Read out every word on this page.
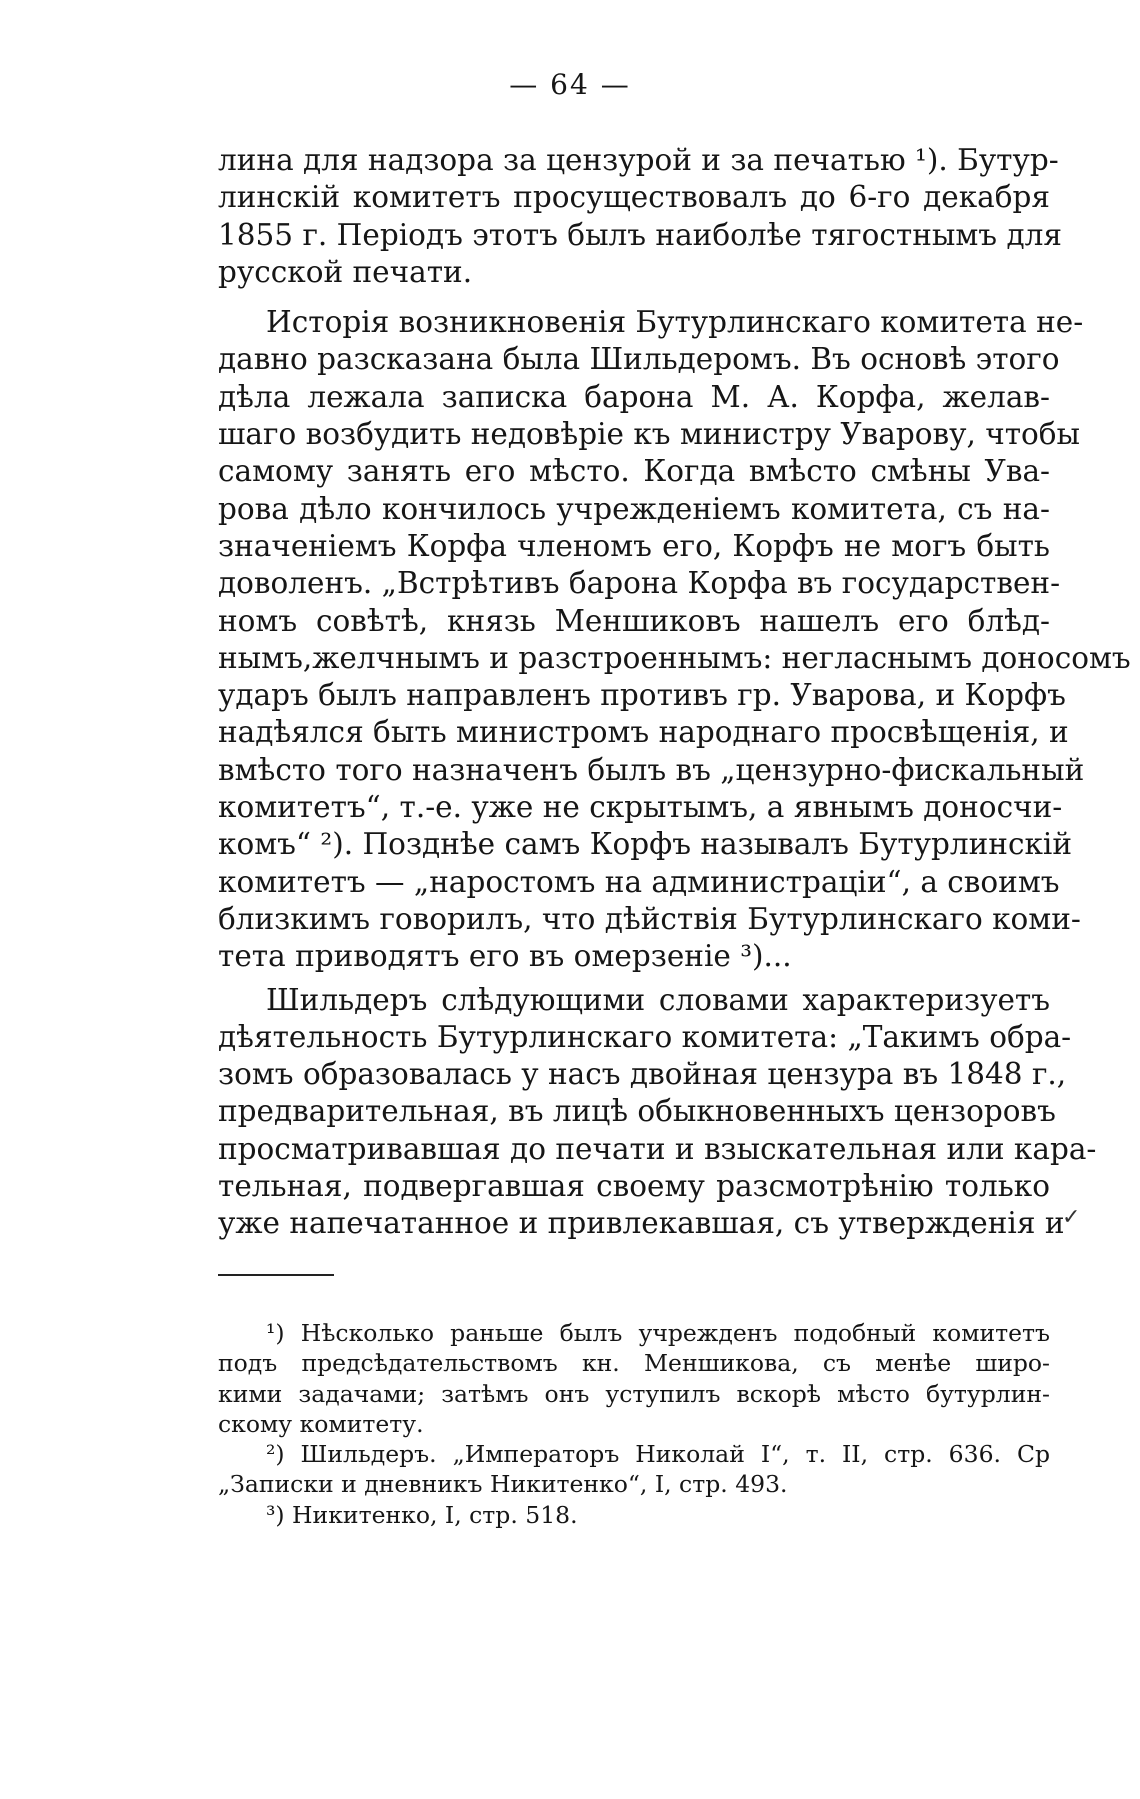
— 64 —
лина для надзора за цензурой и за печатью ¹). Бутур-
линскій комитетъ просуществовалъ до 6-го декабря
1855 г. Періодъ этотъ былъ наиболѣе тягостнымъ для
русской печати.
Исторія возникновенія Бутурлинскаго комитета не-
давно разсказана была Шильдеромъ. Въ основѣ этого
дѣла лежала записка барона М. А. Корфа, желав-
шаго возбудить недовѣріе къ министру Уварову, чтобы
самому занять его мѣсто. Когда вмѣсто смѣны Ува-
рова дѣло кончилось учрежденіемъ комитета, съ на-
значеніемъ Корфа членомъ его, Корфъ не могъ быть
доволенъ. „Встрѣтивъ барона Корфа въ государствен-
номъ совѣтѣ, князь Меншиковъ нашелъ его блѣд-
нымъ,желчнымъ и разстроеннымъ: негласнымъ доносомъ
ударъ былъ направленъ противъ гр. Уварова, и Корфъ
надѣялся быть министромъ народнаго просвѣщенія, и
вмѣсто того назначенъ былъ въ „цензурно-фискальный
комитетъ“, т.-е. уже не скрытымъ, а явнымъ доносчи-
комъ“ ²). Позднѣе самъ Корфъ называлъ Бутурлинскій
комитетъ — „наростомъ на администраціи“, а своимъ
близкимъ говорилъ, что дѣйствія Бутурлинскаго коми-
тета приводятъ его въ омерзеніе ³)...
Шильдеръ слѣдующими словами характеризуетъ
дѣятельность Бутурлинскаго комитета: „Такимъ обра-
зомъ образовалась у насъ двойная цензура въ 1848 г.,
предварительная, въ лицѣ обыкновенныхъ цензоровъ
просматривавшая до печати и взыскательная или кара-
тельная, подвергавшая своему разсмотрѣнію только
уже напечатанное и привлекавшая, съ утвержденія и
✓
¹) Нѣсколько раньше былъ учрежденъ подобный комитетъ
подъ предсѣдательствомъ кн. Меншикова, съ менѣе широ-
кими задачами; затѣмъ онъ уступилъ вскорѣ мѣсто бутурлин-
скому комитету.
²) Шильдеръ. „Императоръ Николай I“, т. II, стр. 636. Ср
„Записки и дневникъ Никитенко“, I, стр. 493.
³) Никитенко, I, стр. 518.
